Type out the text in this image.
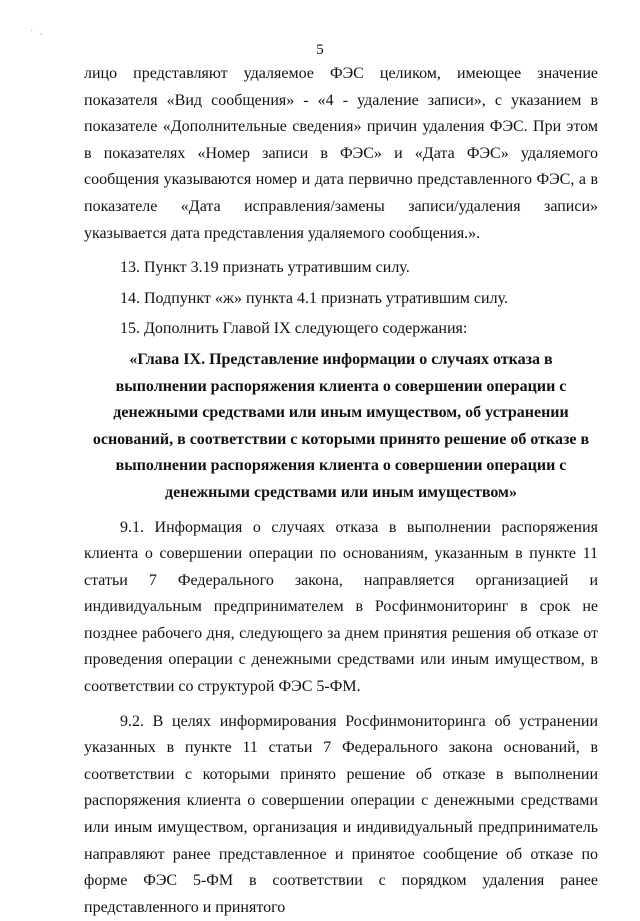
· ,
5

лицо представляют удаляемое ФЭС целиком, имеющее значение показателя «Вид сообщения» - «4 - удаление записи», с указанием в показателе «Дополнительные сведения» причин удаления ФЭС. При этом в показателях «Номер записи в ФЭС» и «Дата ФЭС» удаляемого сообщения указываются номер и дата первично представленного ФЭС, а в показателе «Дата исправления/замены записи/удаления записи» указывается дата представления удаляемого сообщения.».

13. Пункт 3.19 признать утратившим силу.

14. Подпункт «ж» пункта 4.1 признать утратившим силу.

15. Дополнить Главой IX следующего содержания:

«Глава IX. Представление информации о случаях отказа в выполнении распоряжения клиента о совершении операции с денежными средствами или иным имуществом, об устранении оснований, в соответствии с которыми принято решение об отказе в выполнении распоряжения клиента о совершении операции с денежными средствами или иным имуществом»

9.1. Информация о случаях отказа в выполнении распоряжения клиента о совершении операции по основаниям, указанным в пункте 11 статьи 7 Федерального закона, направляется организацией и индивидуальным предпринимателем в Росфинмониторинг в срок не позднее рабочего дня, следующего за днем принятия решения об отказе от проведения операции с денежными средствами или иным имуществом, в соответствии со структурой ФЭС 5-ФМ.

9.2. В целях информирования Росфинмониторинга об устранении указанных в пункте 11 статьи 7 Федерального закона оснований, в соответствии с которыми принято решение об отказе в выполнении распоряжения клиента о совершении операции с денежными средствами или иным имуществом, организация и индивидуальный предприниматель направляют ранее представленное и принятое сообщение об отказе по форме ФЭС 5-ФМ в соответствии с порядком удаления ранее представленного и принятого
